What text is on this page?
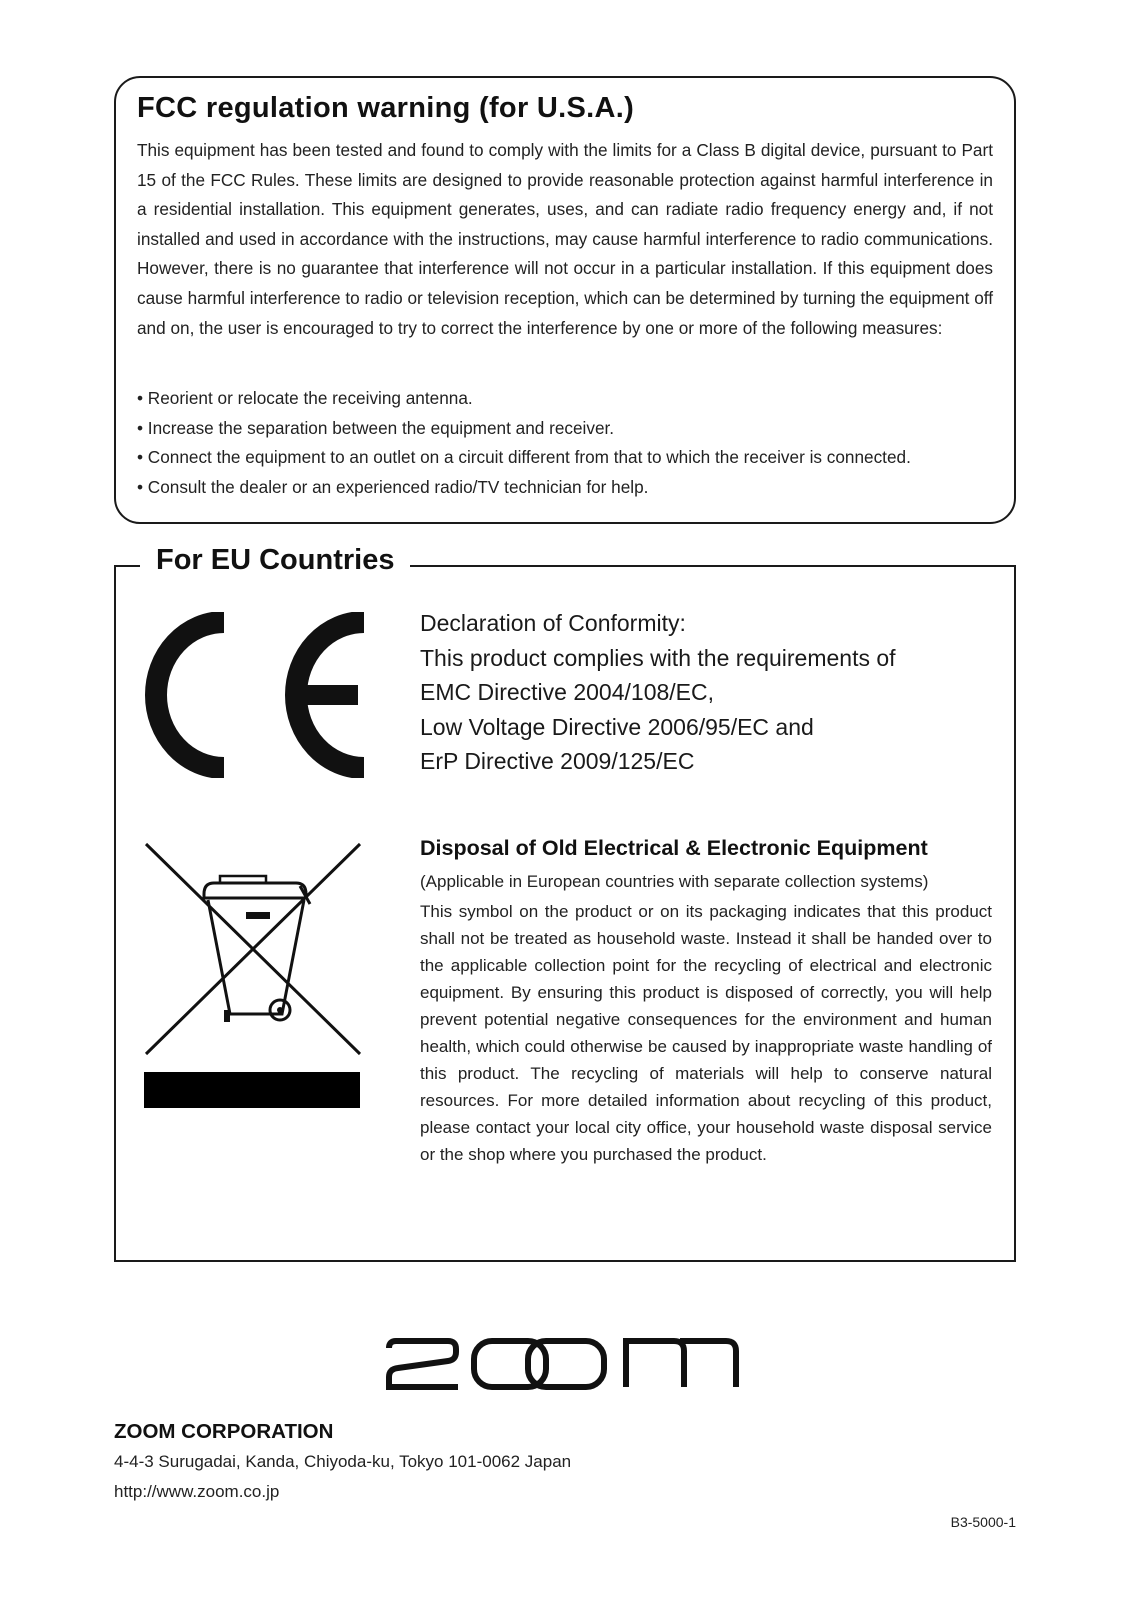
FCC regulation warning (for U.S.A.)

This equipment has been tested and found to comply with the limits for a Class B digital device, pursuant to Part 15 of the FCC Rules. These limits are designed to provide reasonable protection against harmful interference in a residential installation. This equipment generates, uses, and can radiate radio frequency energy and, if not installed and used in accordance with the instructions, may cause harmful interference to radio communications. However, there is no guarantee that interference will not occur in a particular installation. If this equipment does cause harmful interference to radio or television reception, which can be determined by turning the equipment off and on, the user is encouraged to try to correct the interference by one or more of the following measures:

• Reorient or relocate the receiving antenna.
• Increase the separation between the equipment and receiver.
• Connect the equipment to an outlet on a circuit different from that to which the receiver is connected.
• Consult the dealer or an experienced radio/TV technician for help.
For EU Countries
Declaration of Conformity:
This product complies with the requirements of
EMC Directive 2004/108/EC,
Low Voltage Directive 2006/95/EC and
ErP Directive 2009/125/EC
Disposal of Old Electrical & Electronic Equipment

(Applicable in European countries with separate collection systems)

This symbol on the product or on its packaging indicates that this product shall not be treated as household waste. Instead it shall be handed over to the applicable collection point for the recycling of electrical and electronic equipment. By ensuring this product is disposed of correctly, you will help prevent potential negative consequences for the environment and human health, which could otherwise be caused by inappropriate waste handling of this product. The recycling of materials will help to conserve natural resources. For more detailed information about recycling of this product, please contact your local city office, your household waste disposal service or the shop where you purchased the product.

ZOOM CORPORATION
4-4-3 Surugadai, Kanda, Chiyoda-ku, Tokyo 101-0062 Japan
http://www.zoom.co.jp
B3-5000-1
